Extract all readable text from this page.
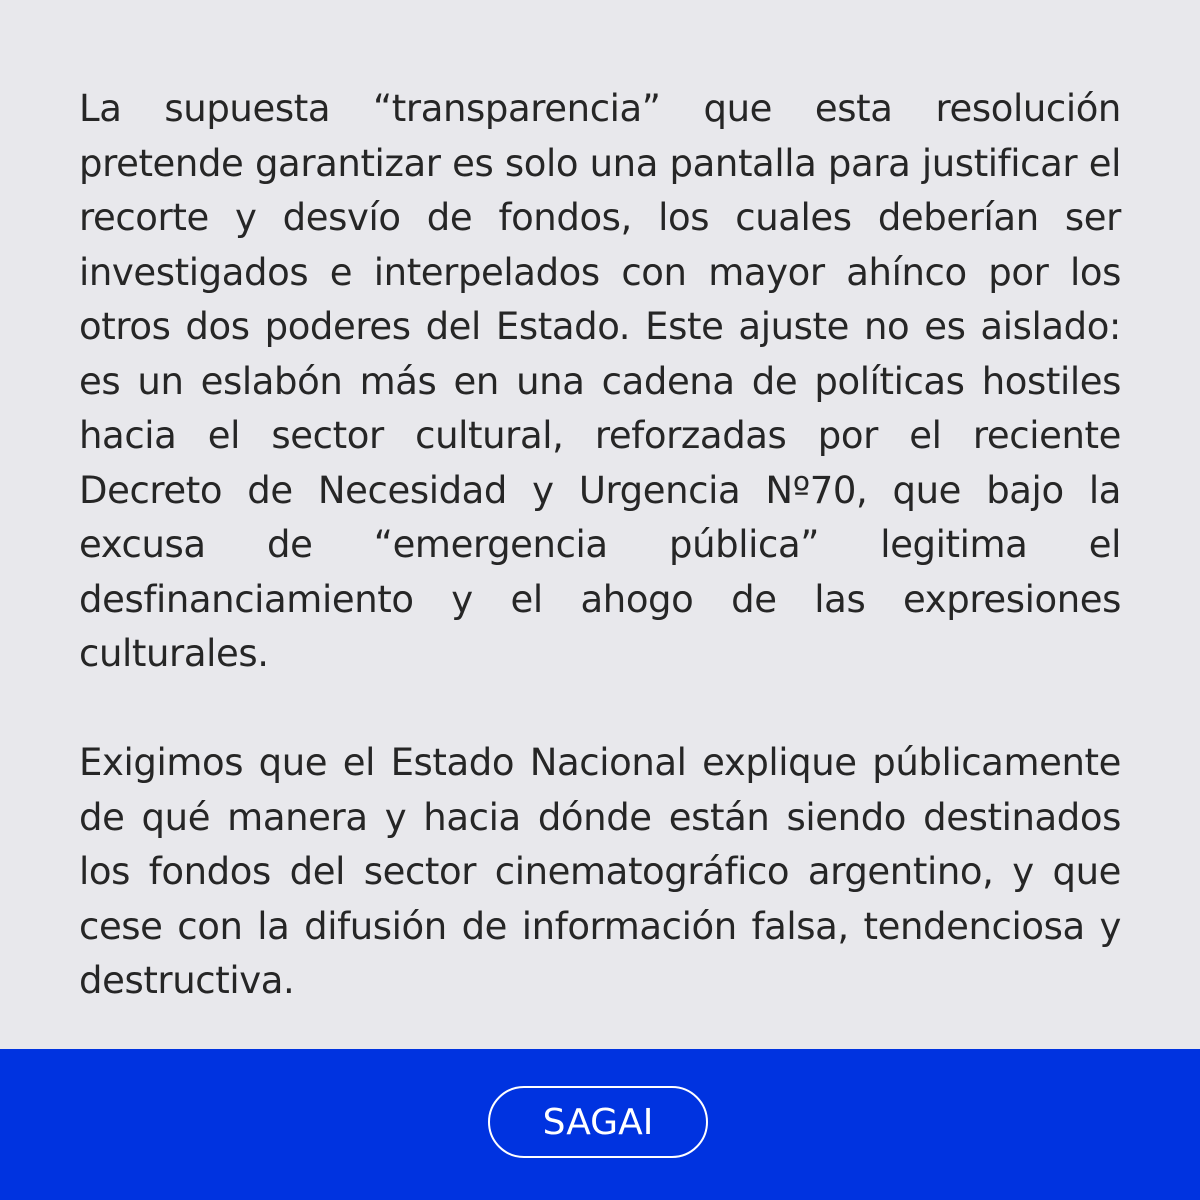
La supuesta “transparencia” que esta resolución pretende garantizar es solo una pantalla para justificar el recorte y desvío de fondos, los cuales deberían ser investigados e interpelados con mayor ahínco por los otros dos poderes del Estado. Este ajuste no es aislado: es un eslabón más en una cadena de políticas hostiles hacia el sector cultural, reforzadas por el reciente Decreto de Necesidad y Urgencia Nº70, que bajo la excusa de “emergencia pública” legitima el desfinanciamiento y el ahogo de las expresiones culturales.

Exigimos que el Estado Nacional explique públicamente de qué manera y hacia dónde están siendo destinados los fondos del sector cinematográfico argentino, y que cese con la difusión de información falsa, tendenciosa y destructiva.

SAGAI
